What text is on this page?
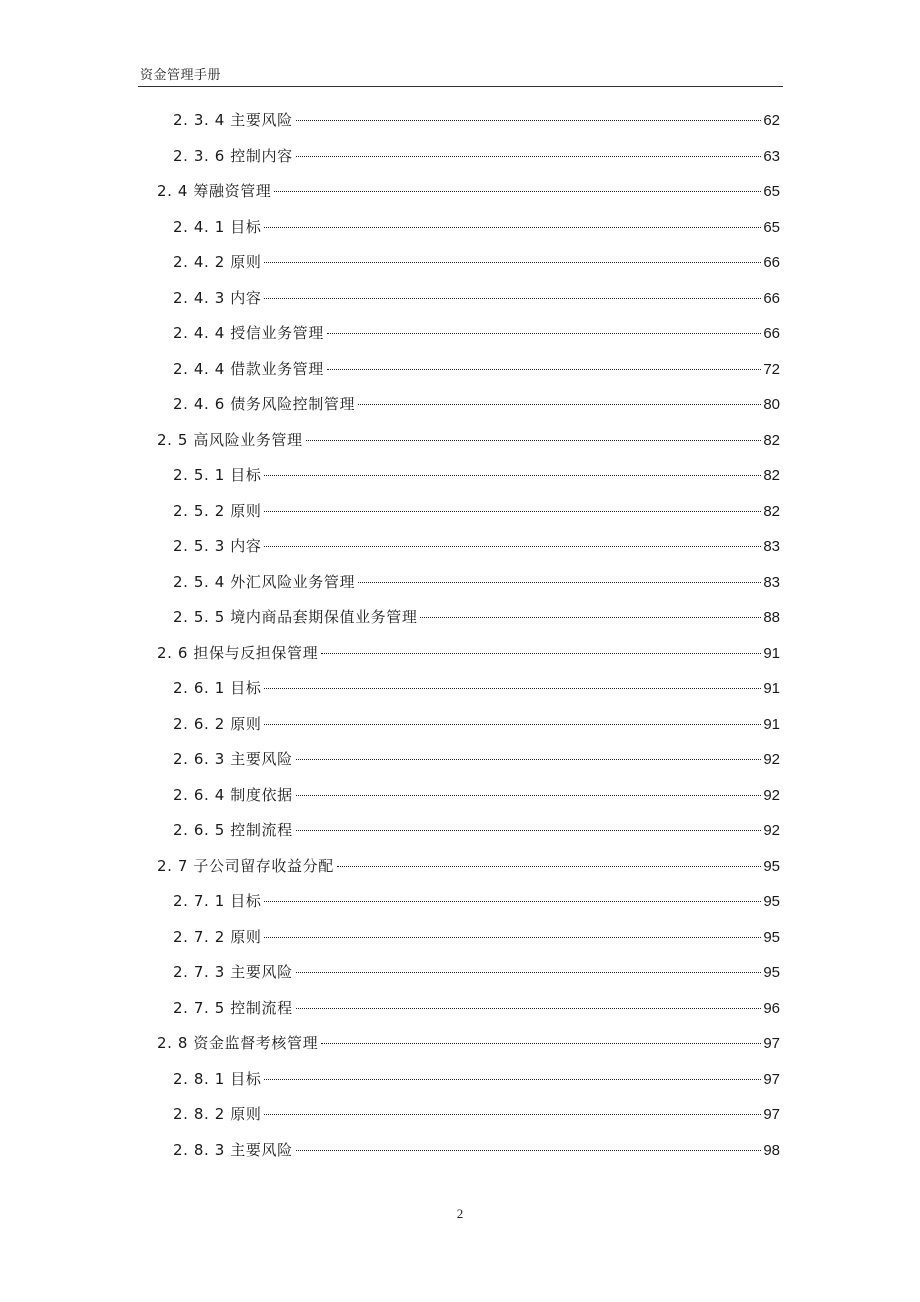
资金管理手册
2. 3. 4 主要风险	62
2. 3. 6 控制内容	63
2. 4 筹融资管理	65
2. 4. 1 目标	65
2. 4. 2 原则	66
2. 4. 3 内容	66
2. 4. 4 授信业务管理	66
2. 4. 4 借款业务管理	72
2. 4. 6 债务风险控制管理	80
2. 5 高风险业务管理	82
2. 5. 1 目标	82
2. 5. 2 原则	82
2. 5. 3 内容	83
2. 5. 4 外汇风险业务管理	83
2. 5. 5 境内商品套期保值业务管理	88
2. 6 担保与反担保管理	91
2. 6. 1 目标	91
2. 6. 2 原则	91
2. 6. 3 主要风险	92
2. 6. 4 制度依据	92
2. 6. 5 控制流程	92
2. 7 子公司留存收益分配	95
2. 7. 1 目标	95
2. 7. 2 原则	95
2. 7. 3 主要风险	95
2. 7. 5 控制流程	96
2. 8 资金监督考核管理	97
2. 8. 1 目标	97
2. 8. 2 原则	97
2. 8. 3 主要风险	98
2
